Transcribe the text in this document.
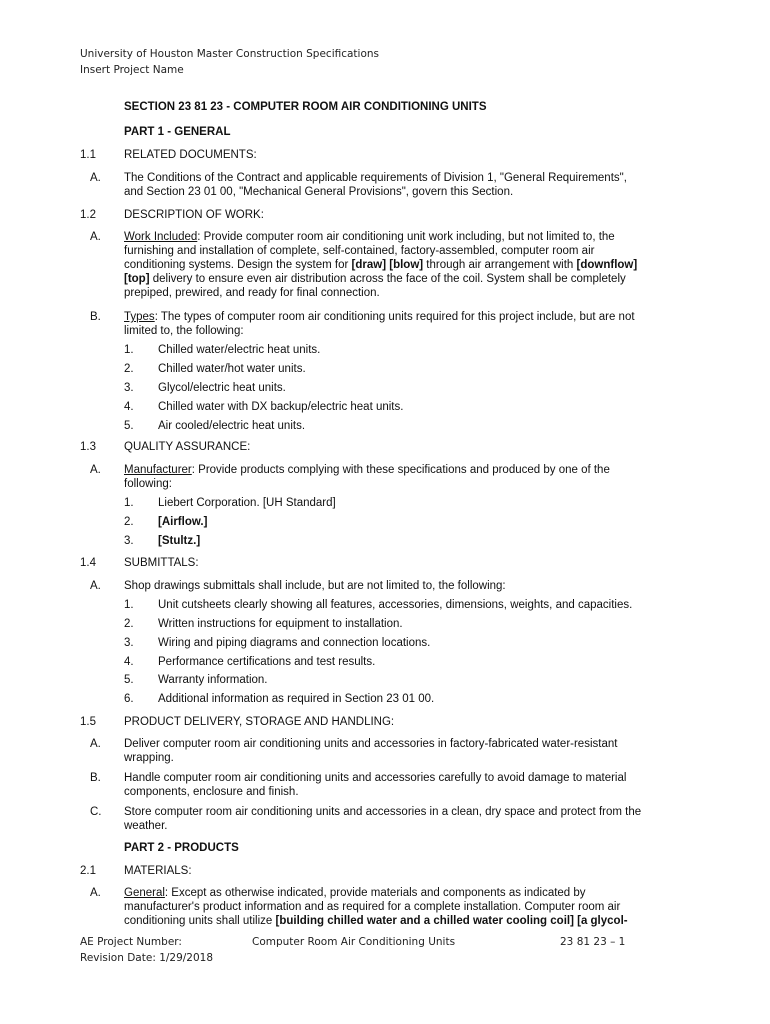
University of Houston Master Construction Specifications
Insert Project Name
SECTION 23 81 23 - COMPUTER ROOM AIR CONDITIONING UNITS
PART 1 - GENERAL
1.1 RELATED DOCUMENTS:
A. The Conditions of the Contract and applicable requirements of Division 1, "General Requirements",
and Section 23 01 00, "Mechanical General Provisions", govern this Section.
1.2 DESCRIPTION OF WORK:
A. Work Included: Provide computer room air conditioning unit work including, but not limited to, the
furnishing and installation of complete, self-contained, factory-assembled, computer room air
conditioning systems. Design the system for [draw] [blow] through air arrangement with [downflow]
[top] delivery to ensure even air distribution across the face of the coil. System shall be completely
prepiped, prewired, and ready for final connection.
B. Types: The types of computer room air conditioning units required for this project include, but are not
limited to, the following:
1. Chilled water/electric heat units.
2. Chilled water/hot water units.
3. Glycol/electric heat units.
4. Chilled water with DX backup/electric heat units.
5. Air cooled/electric heat units.
1.3 QUALITY ASSURANCE:
A. Manufacturer: Provide products complying with these specifications and produced by one of the
following:
1. Liebert Corporation. [UH Standard]
2. [Airflow.]
3. [Stultz.]
1.4 SUBMITTALS:
A. Shop drawings submittals shall include, but are not limited to, the following:
1. Unit cutsheets clearly showing all features, accessories, dimensions, weights, and capacities.
2. Written instructions for equipment to installation.
3. Wiring and piping diagrams and connection locations.
4. Performance certifications and test results.
5. Warranty information.
6. Additional information as required in Section 23 01 00.
1.5 PRODUCT DELIVERY, STORAGE AND HANDLING:
A. Deliver computer room air conditioning units and accessories in factory-fabricated water-resistant
wrapping.
B. Handle computer room air conditioning units and accessories carefully to avoid damage to material
components, enclosure and finish.
C. Store computer room air conditioning units and accessories in a clean, dry space and protect from the
weather.
PART 2 - PRODUCTS
2.1 MATERIALS:
A. General: Except as otherwise indicated, provide materials and components as indicated by
manufacturer's product information and as required for a complete installation. Computer room air
conditioning units shall utilize [building chilled water and a chilled water cooling coil] [a glycol-
AE Project Number:	Computer Room Air Conditioning Units	23 81 23 – 1
Revision Date: 1/29/2018
